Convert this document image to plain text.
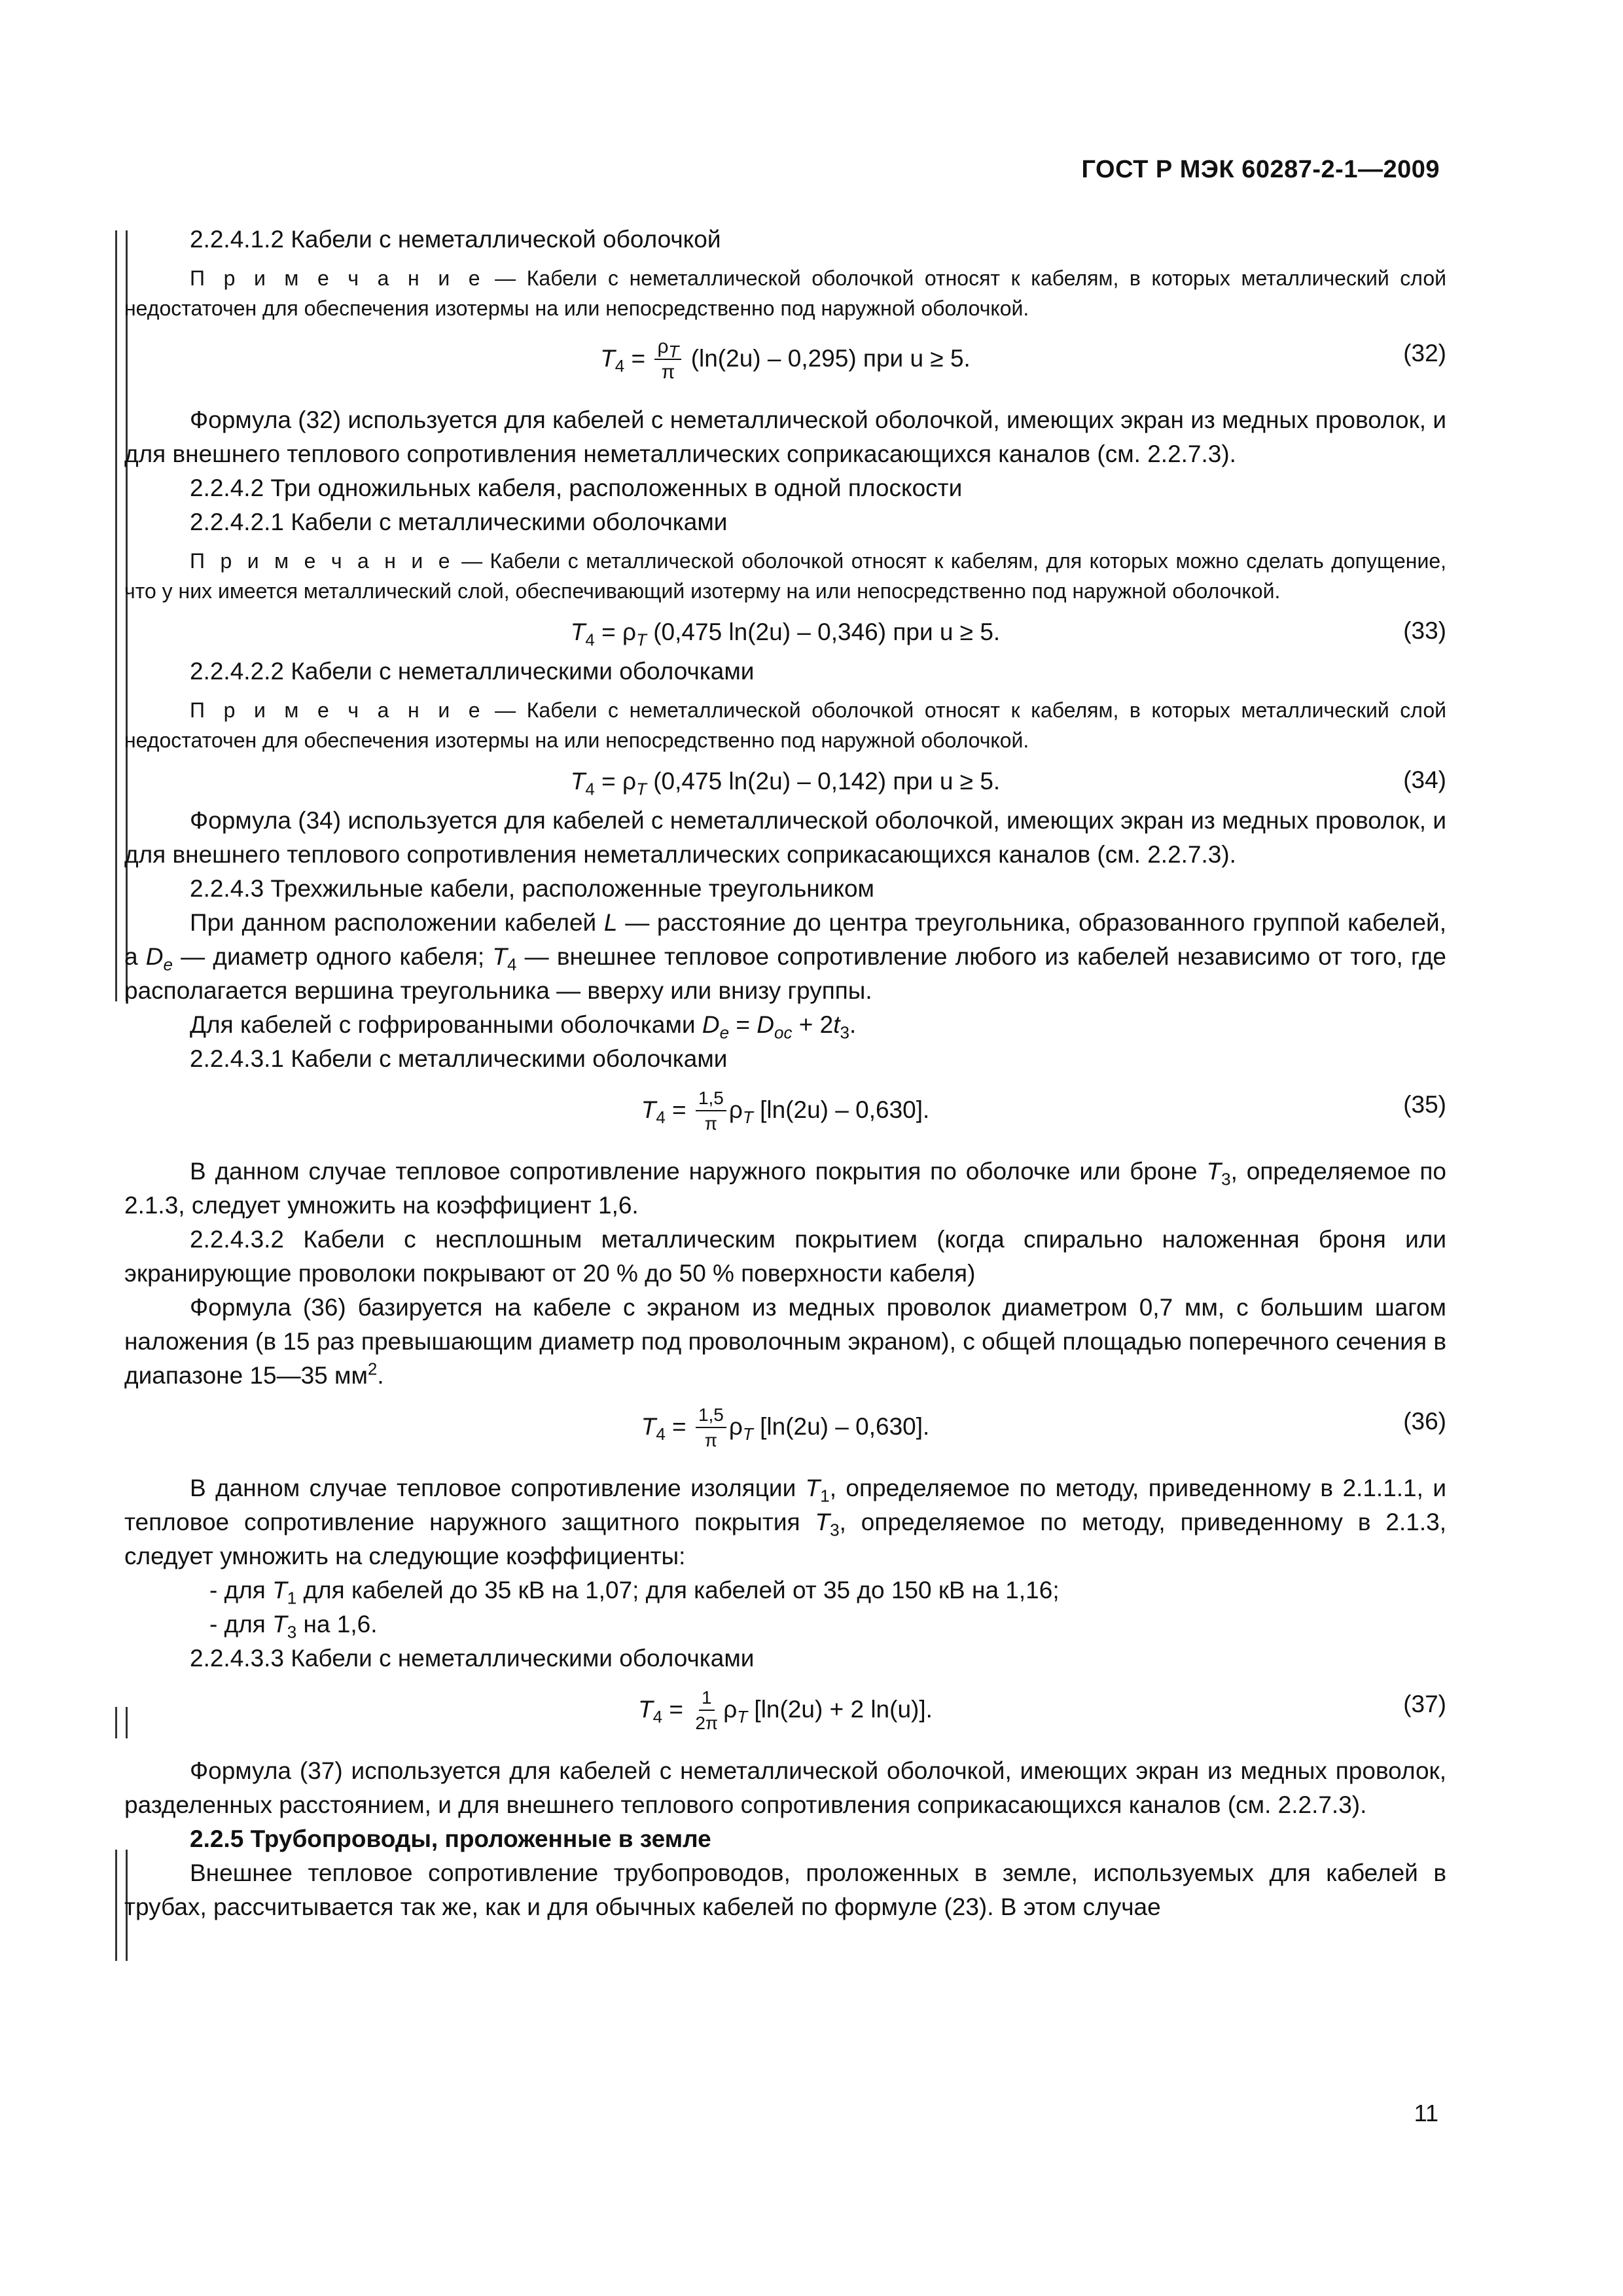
ГОСТ Р МЭК 60287-2-1—2009

2.2.4.1.2 Кабели с неметаллической оболочкой

П р и м е ч а н и е — Кабели с неметаллической оболочкой относят к кабелям, в которых металлический слой недостаточен для обеспечения изотермы на или непосредственно под наружной оболочкой.

$T_4 = \frac{\rho_T}{\pi} (\ln(2u) - 0,295)$ при u ≥ 5.	(32)

Формула (32) используется для кабелей с неметаллической оболочкой, имеющих экран из медных проволок, и для внешнего теплового сопротивления неметаллических соприкасающихся каналов (см. 2.2.7.3).

2.2.4.2 Три одножильных кабеля, расположенных в одной плоскости

2.2.4.2.1 Кабели с металлическими оболочками

П р и м е ч а н и е — Кабели с металлической оболочкой относят к кабелям, для которых можно сделать допущение, что у них имеется металлический слой, обеспечивающий изотерму на или непосредственно под наружной оболочкой.

$T_4 = \rho_T$ (0,475 ln(2u) – 0,346) при u ≥ 5.	(33)

2.2.4.2.2 Кабели с неметаллическими оболочками

П р и м е ч а н и е — Кабели с неметаллической оболочкой относят к кабелям, в которых металлический слой недостаточен для обеспечения изотермы на или непосредственно под наружной оболочкой.

$T_4 = \rho_T$ (0,475 ln(2u) – 0,142) при u ≥ 5.	(34)

Формула (34) используется для кабелей с неметаллической оболочкой, имеющих экран из медных проволок, и для внешнего теплового сопротивления неметаллических соприкасающихся каналов (см. 2.2.7.3).

2.2.4.3 Трехжильные кабели, расположенные треугольником

При данном расположении кабелей L — расстояние до центра треугольника, образованного группой кабелей, а $D_e$ — диаметр одного кабеля; $T_4$ — внешнее тепловое сопротивление любого из кабелей независимо от того, где располагается вершина треугольника — вверху или внизу группы.

Для кабелей с гофрированными оболочками $D_e = D_{oc} + 2t_3$.

2.2.4.3.1 Кабели с металлическими оболочками

$T_4 = \frac{1,5}{\pi} \rho_T$ [ln(2u) – 0,630].	(35)

В данном случае тепловое сопротивление наружного покрытия по оболочке или броне $T_3$, определяемое по 2.1.3, следует умножить на коэффициент 1,6.

2.2.4.3.2 Кабели с несплошным металлическим покрытием (когда спирально наложенная броня или экранирующие проволоки покрывают от 20 % до 50 % поверхности кабеля)

Формула (36) базируется на кабеле с экраном из медных проволок диаметром 0,7 мм, с большим шагом наложения (в 15 раз превышающим диаметр под проволочным экраном), с общей площадью поперечного сечения в диапазоне 15—35 $мм^2$.

$T_4 = \frac{1,5}{\pi} \rho_T$ [ln(2u) – 0,630].	(36)

В данном случае тепловое сопротивление изоляции $T_1$, определяемое по методу, приведенному в 2.1.1.1, и тепловое сопротивление наружного защитного покрытия $T_3$, определяемое по методу, приведенному в 2.1.3, следует умножить на следующие коэффициенты:

- для $T_1$ для кабелей до 35 кВ на 1,07; для кабелей от 35 до 150 кВ на 1,16;

- для $T_3$ на 1,6.

2.2.4.3.3 Кабели с неметаллическими оболочками

$T_4 = \frac{1}{2\pi} \rho_T$ [ln(2u) + 2 ln(u)].	(37)

Формула (37) используется для кабелей с неметаллической оболочкой, имеющих экран из медных проволок, разделенных расстоянием, и для внешнего теплового сопротивления соприкасающихся каналов (см. 2.2.7.3).

2.2.5 Трубопроводы, проложенные в земле

Внешнее тепловое сопротивление трубопроводов, проложенных в земле, используемых для кабелей в трубах, рассчитывается так же, как и для обычных кабелей по формуле (23). В этом случае

11
